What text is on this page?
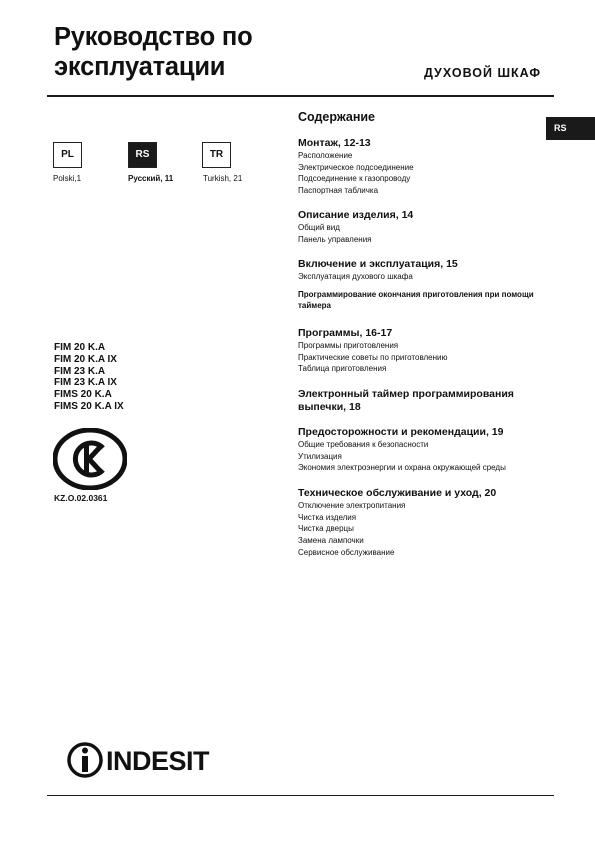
Руководство по
эксплуатации	ДУХОВОЙ ШКАФ
RS
PL	RS	TR
Polski,1	Русский, 11	Turkish, 21
FIM 20 K.A
FIM 20 K.A IX
FIM 23 K.A
FIM 23 K.A IX
FIMS 20 K.A
FIMS 20 K.A IX
KZ.O.02.0361
Содержание
Монтаж, 12-13
Расположение
Электрическое подсоединение
Подсоединение к газопроводу
Паспортная табличка
Описание изделия, 14
Общий вид
Панель управления
Включение и эксплуатация, 15
Эксплуатация духового шкафа
Программирование окончания приготовления при помощи таймера
Программы, 16-17
Программы приготовления
Практические советы по приготовлению
Таблица приготовления
Электронный таймер программирования выпечки, 18
Предосторожности и рекомендации, 19
Общие требования к безопасности
Утилизация
Экономия электроэнергии и охрана окружающей среды
Техническое обслуживание и уход, 20
Отключение электропитания
Чистка изделия
Чистка дверцы
Замена лампочки
Сервисное обслуживание
INDESIT
